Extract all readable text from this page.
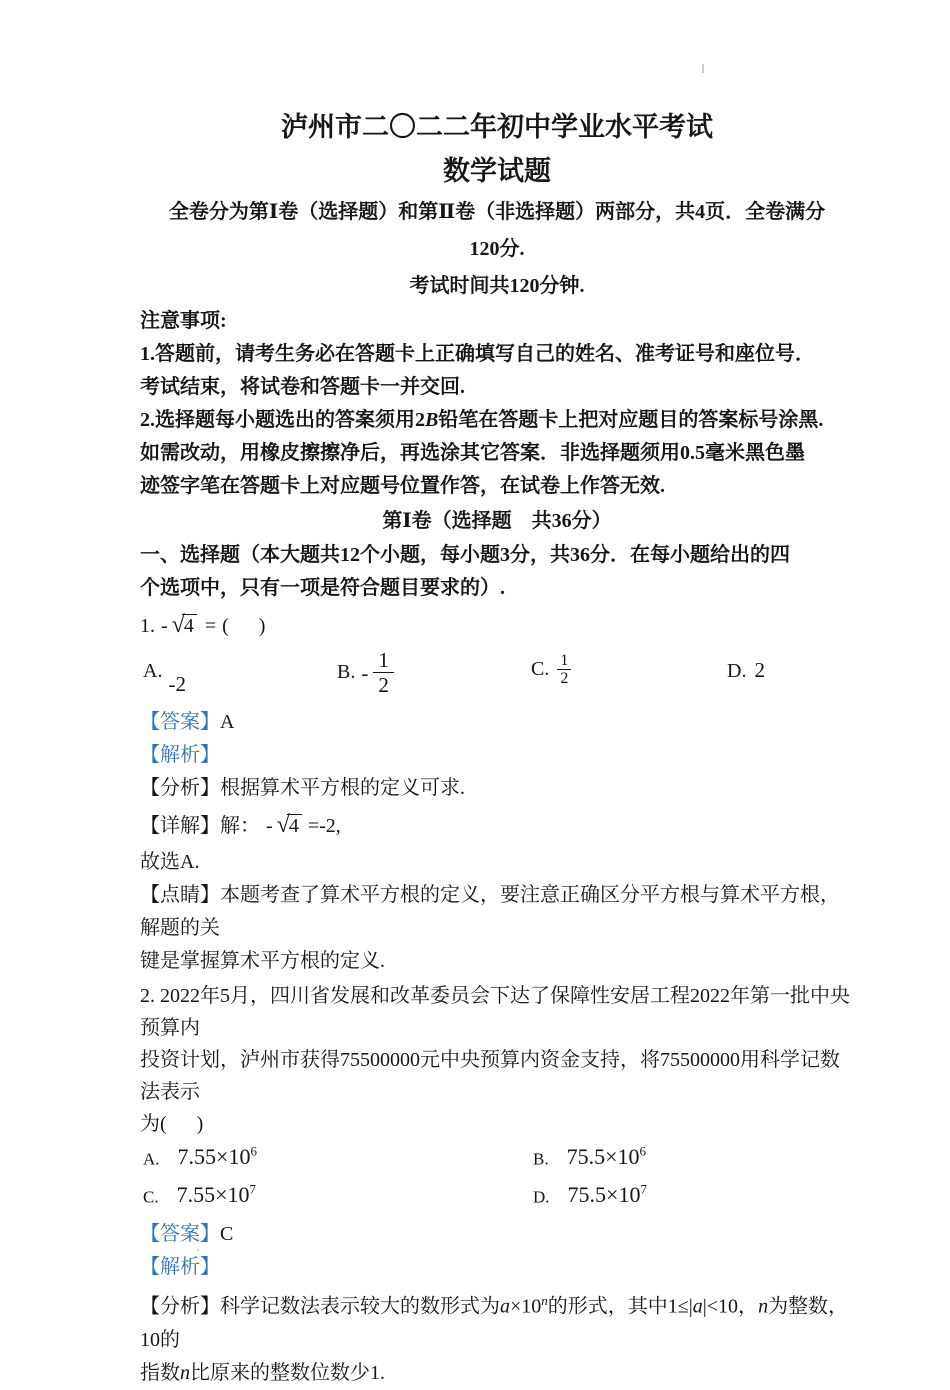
泸州市二〇二二年初中学业水平考试
数学试题
全卷分为第Ⅰ卷（选择题）和第Ⅱ卷（非选择题）两部分，共4页．全卷满分
120分.
考试时间共120分钟.
注意事项:
1.答题前，请考生务必在答题卡上正确填写自己的姓名、准考证号和座位号．
考试结束，将试卷和答题卡一并交回.
2.选择题每小题选出的答案须用2B铅笔在答题卡上把对应题目的答案标号涂黑.
如需改动，用橡皮擦擦净后，再选涂其它答案．非选择题须用0.5毫米黑色墨
迹签字笔在答题卡上对应题号位置作答，在试卷上作答无效.
第Ⅰ卷（选择题　共36分）
一、选择题（本大题共12个小题，每小题3分，共36分．在每小题给出的四
个选项中，只有一项是符合题目要求的）.
1. - √4 = (      )
A.-2
B. - $\frac{1}{2}$	C. $\frac{1}{2}$	D. 2
【答案】A
【解析】
【分析】根据算术平方根的定义可求.
【详解】解： - √4 =-2,
故选A.
【点睛】本题考查了算术平方根的定义，要注意正确区分平方根与算术平方根，解题的关
键是掌握算术平方根的定义.
2. 2022年5月，四川省发展和改革委员会下达了保障性安居工程2022年第一批中央预算内
投资计划，泸州市获得75500000元中央预算内资金支持，将75500000用科学记数法表示
为(      )
A. $7.55\times 10^6$	B. $75.5\times 10^6$
C. $7.55\times 10^7$	D. $75.5\times 10^7$
【答案】C
【解析】
【分析】科学记数法表示较大的数形式为$a\times 10^n$的形式，其中1≤|a|<10，n为整数，10的
指数n比原来的整数位数少1.
